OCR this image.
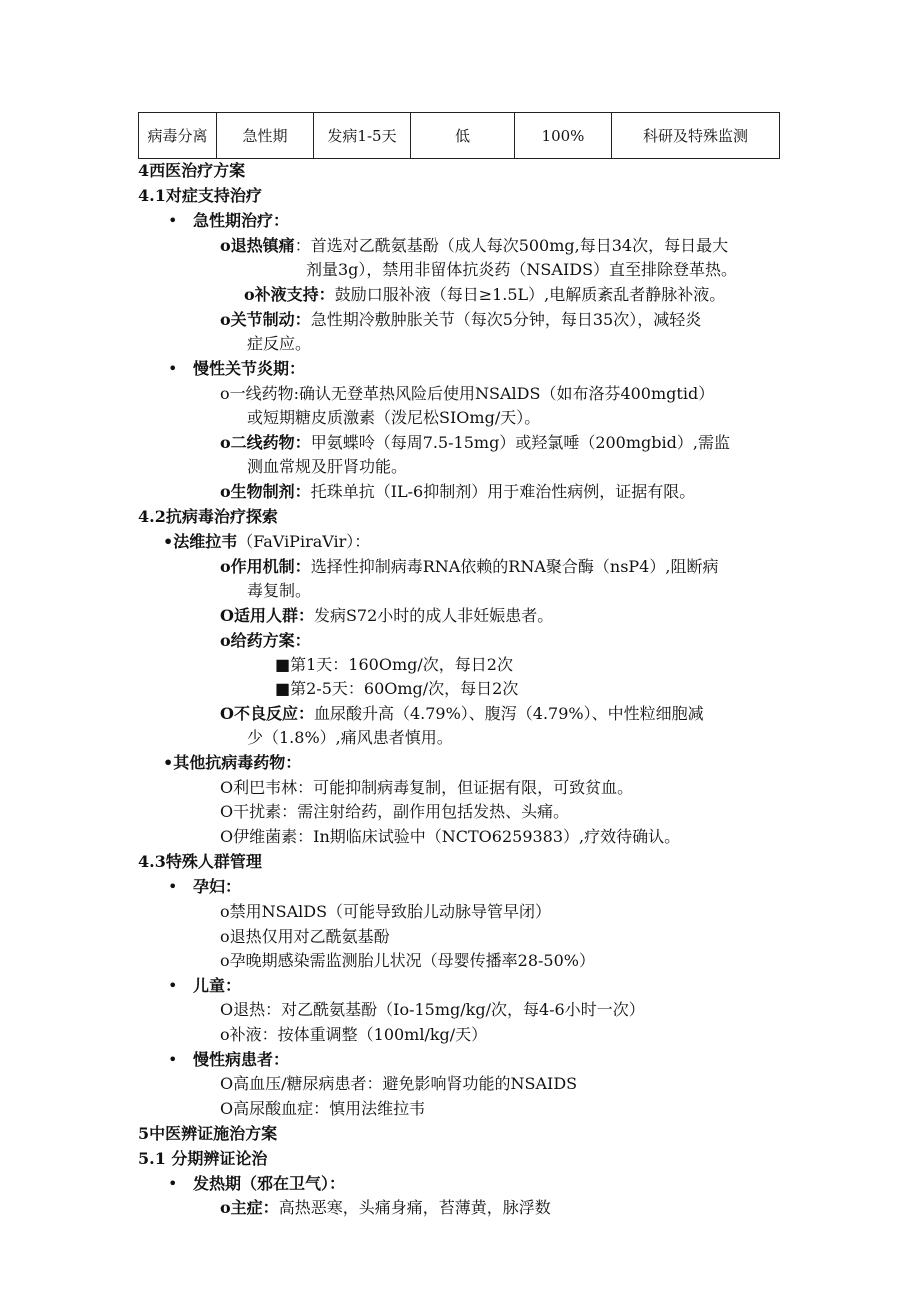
病毒分离	急性期	发病1-5天	低	100%	科研及特殊监测
4西医治疗方案
4.1对症支持治疗
• 急性期治疗：
o退热镇痛：首选对乙酰氨基酚（成人每次500mg,每日34次，每日最大
剂量3g），禁用非留体抗炎药（NSAIDS）直至排除登革热。
o补液支持：鼓励口服补液（每日≥1.5L）,电解质紊乱者静脉补液。
o关节制动：急性期冷敷肿胀关节（每次5分钟，每日35次），减轻炎
症反应。
• 慢性关节炎期：
o一线药物:确认无登革热风险后使用NSAlDS（如布洛芬400mgtid）
或短期糖皮质激素（泼尼松SIOmg/天）。
o二线药物：甲氨蝶呤（每周7.5-15mg）或羟氯唾（200mgbid）,需监
测血常规及肝肾功能。
o生物制剂：托珠单抗（IL-6抑制剂）用于难治性病例，证据有限。
4.2抗病毒治疗探索
•法维拉韦（FaViPiraVir）：
o作用机制：选择性抑制病毒RNA依赖的RNA聚合酶（nsP4）,阻断病
毒复制。
O适用人群：发病S72小时的成人非妊娠患者。
o给药方案：
■第1天：160Omg/次，每日2次
■第2-5天：60Omg/次，每日2次
O不良反应：血尿酸升高（4.79%）、腹泻（4.79%）、中性粒细胞减
少（1.8%）,痛风患者慎用。
•其他抗病毒药物：
O利巴韦林：可能抑制病毒复制，但证据有限，可致贫血。
O干扰素：需注射给药，副作用包括发热、头痛。
O伊维菌素：In期临床试验中（NCTO6259383）,疗效待确认。
4.3特殊人群管理
• 孕妇：
o禁用NSAlDS（可能导致胎儿动脉导管早闭）
o退热仅用对乙酰氨基酚
o孕晚期感染需监测胎儿状况（母婴传播率28-50%）
• 儿童：
O退热：对乙酰氨基酚（Io-15mg/kg/次，每4-6小时一次）
o补液：按体重调整（100ml/kg/天）
• 慢性病患者：
O高血压/糖尿病患者：避免影响肾功能的NSAIDS
O高尿酸血症：慎用法维拉韦
5中医辨证施治方案
5.1 分期辨证论治
• 发热期（邪在卫气）：
o主症：高热恶寒，头痛身痛，苔薄黄，脉浮数
